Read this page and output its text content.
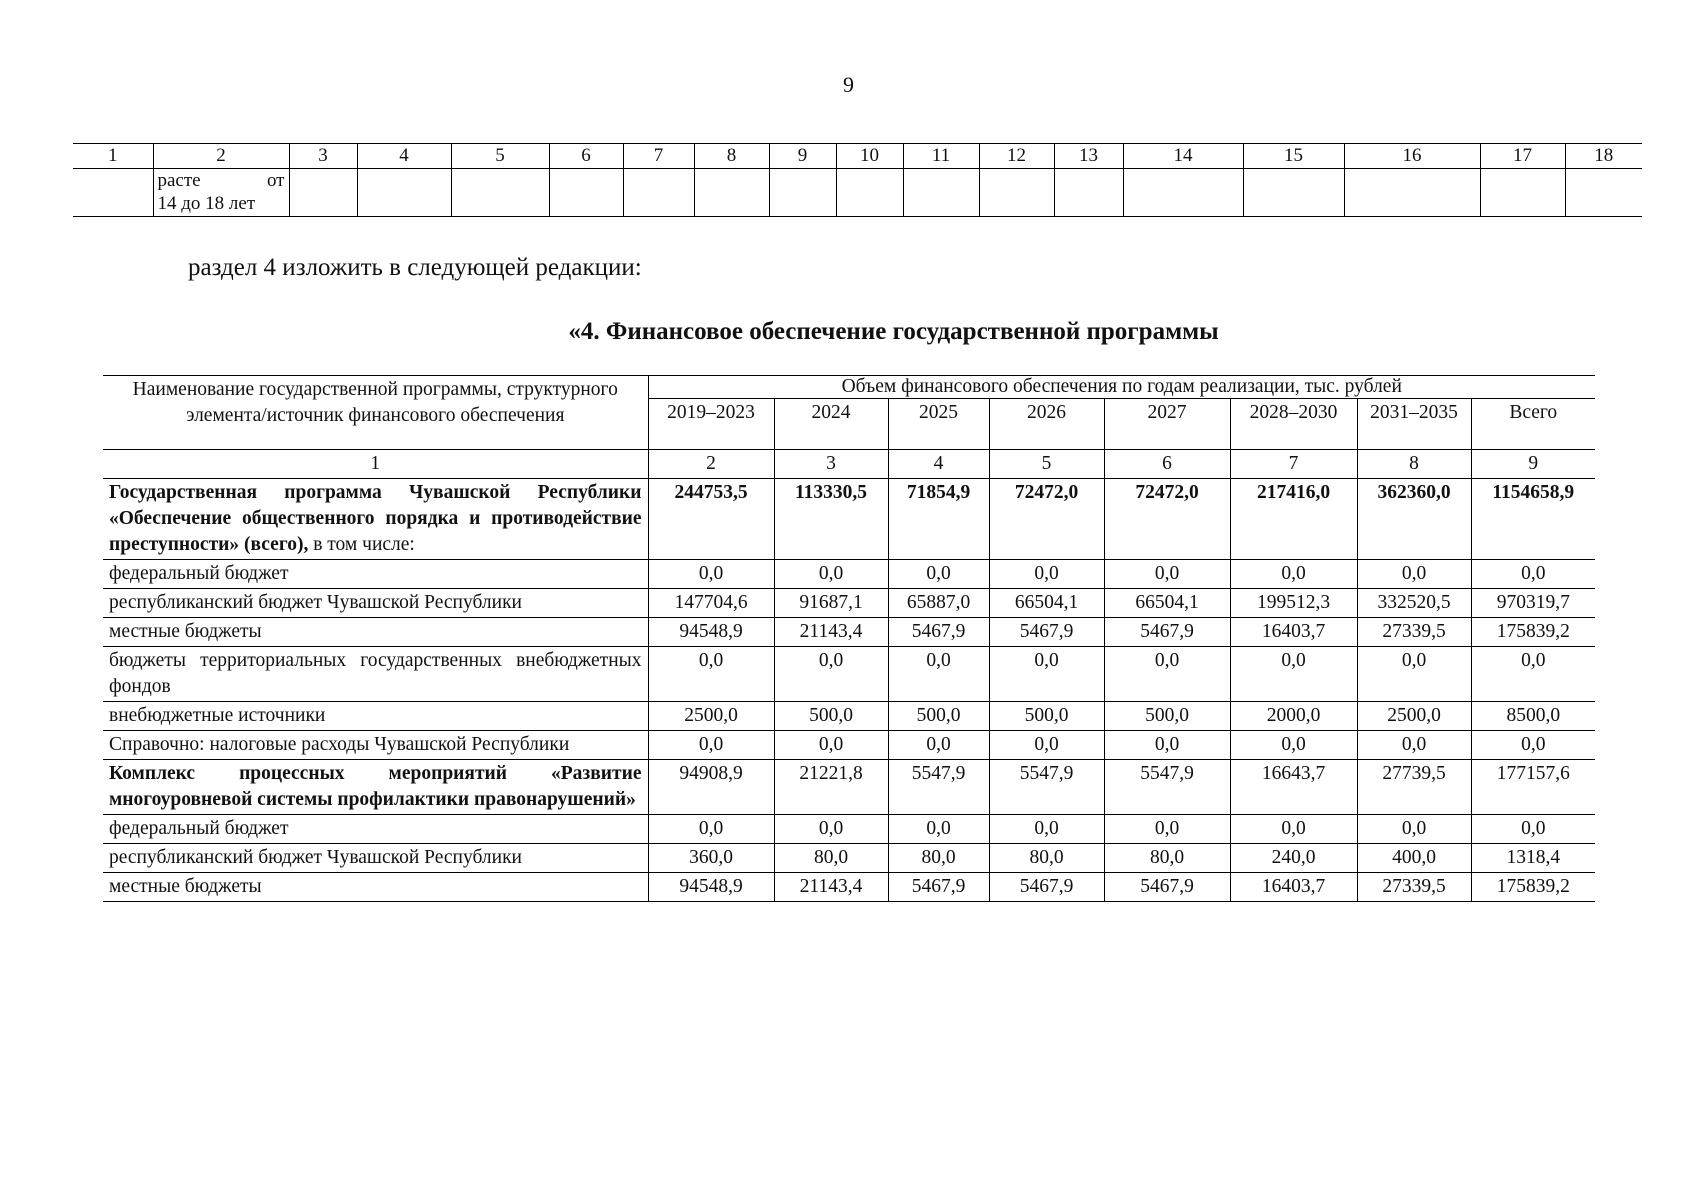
9
1	2	3	4	5	6	7	8	9	10	11	12	13	14	15	16	17	18

	расте от
14 до 18 лет																

раздел 4 изложить в следующей редакции:
«4. Финансовое обеспечение государственной программы
Наименование государственной программы, структурного элемента/источник финансового обеспечения	Объем финансового обеспечения по годам реализации, тыс. рублей							
	2019–2023	2024	2025	2026	2027	2028–2030	2031–2035	Всего
1	2	3	4	5	6	7	8	9
Государственная программа Чувашской Республики «Обеспечение общественного порядка и противодействие преступности» (всего), в том числе:	244753,5	113330,5	71854,9	72472,0	72472,0	217416,0	362360,0	1154658,9
федеральный бюджет	0,0	0,0	0,0	0,0	0,0	0,0	0,0	0,0
республиканский бюджет Чувашской Республики	147704,6	91687,1	65887,0	66504,1	66504,1	199512,3	332520,5	970319,7
местные бюджеты	94548,9	21143,4	5467,9	5467,9	5467,9	16403,7	27339,5	175839,2
бюджеты территориальных государственных внебюджетных фондов	0,0	0,0	0,0	0,0	0,0	0,0	0,0	0,0
внебюджетные источники	2500,0	500,0	500,0	500,0	500,0	2000,0	2500,0	8500,0
Справочно: налоговые расходы Чувашской Республики	0,0	0,0	0,0	0,0	0,0	0,0	0,0	0,0
Комплекс процессных мероприятий «Развитие многоуровневой системы профилактики правонарушений»	94908,9	21221,8	5547,9	5547,9	5547,9	16643,7	27739,5	177157,6
федеральный бюджет	0,0	0,0	0,0	0,0	0,0	0,0	0,0	0,0
республиканский бюджет Чувашской Республики	360,0	80,0	80,0	80,0	80,0	240,0	400,0	1318,4
местные бюджеты	94548,9	21143,4	5467,9	5467,9	5467,9	16403,7	27339,5	175839,2
